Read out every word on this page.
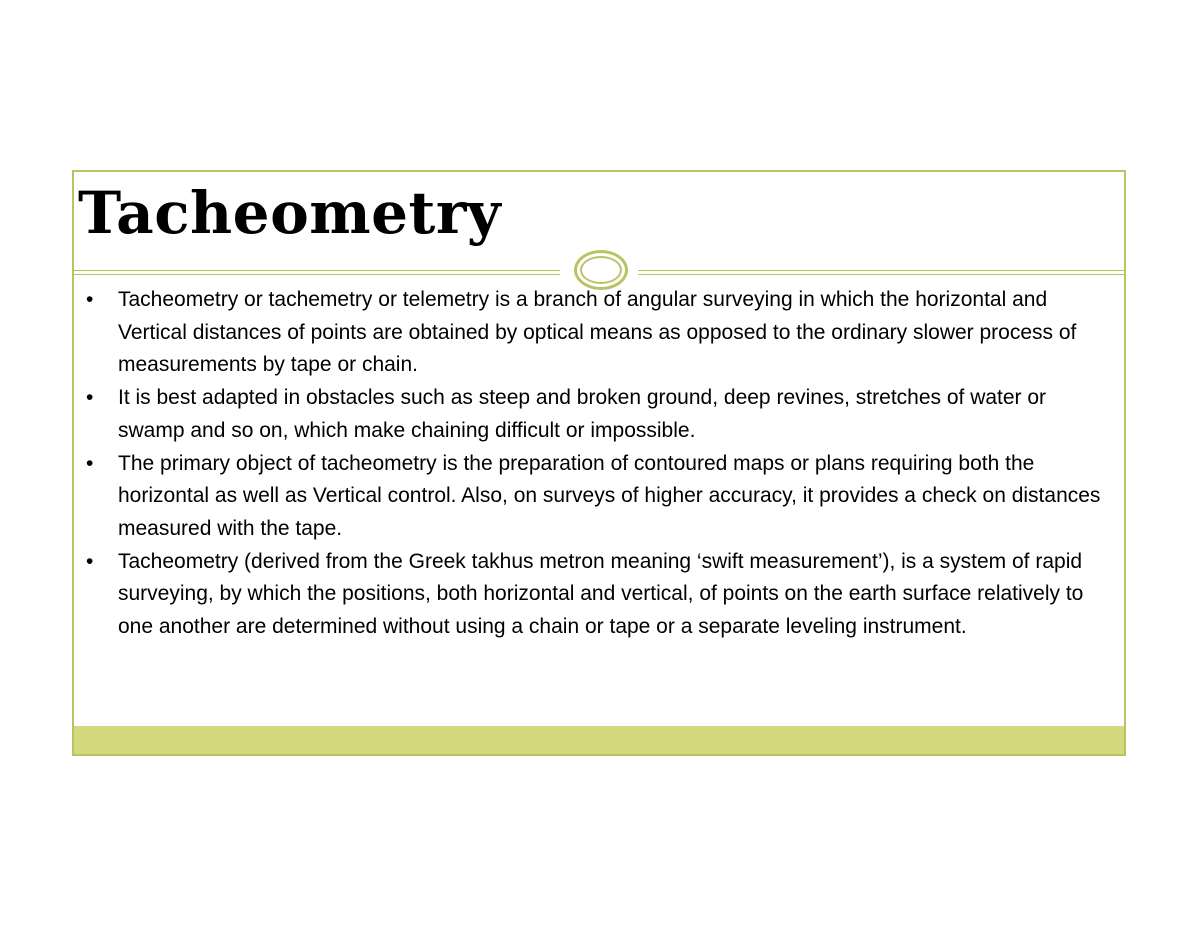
Tacheometry
•	Tacheometry or tachemetry or telemetry is a branch of angular surveying in which the horizontal and Vertical distances of points are obtained by optical means as opposed to the ordinary slower process of measurements by tape or chain.
•	It is best adapted in obstacles such as steep and broken ground, deep revines, stretches of water or swamp and so on, which make chaining difficult or impossible.
•	The primary object of tacheometry is the preparation of contoured maps or plans requiring both the horizontal as well as Vertical control. Also, on surveys of higher accuracy, it provides a check on distances measured with the tape.
•	Tacheometry (derived from the Greek takhus metron meaning ‘swift measurement’), is a system of rapid surveying, by which the positions, both horizontal and vertical, of points on the earth surface relatively to one another are determined without using a chain or tape or a separate leveling instrument.
